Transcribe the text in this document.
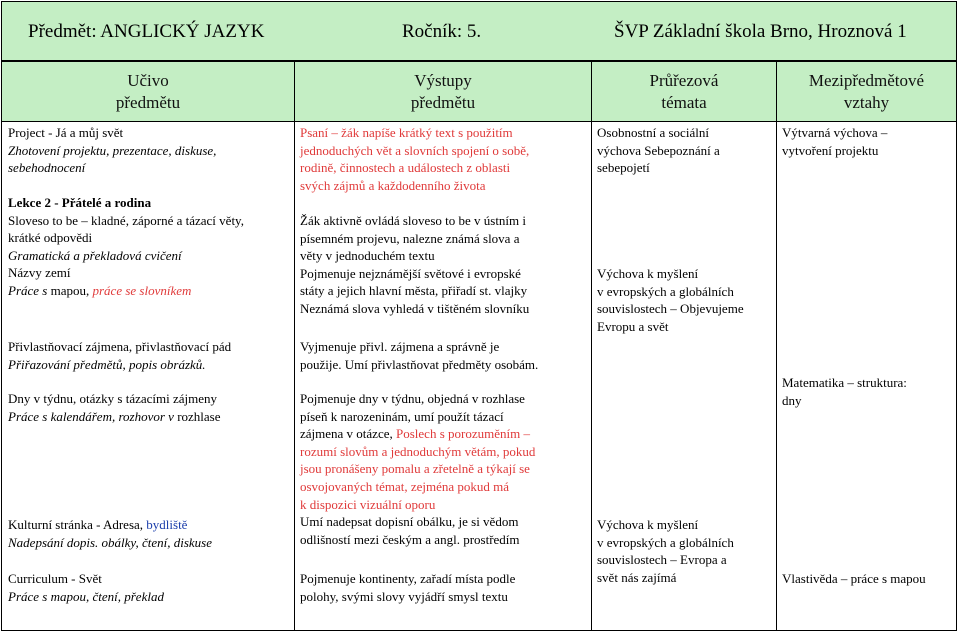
Předmět: ANGLICKÝ JAZYK	Ročník: 5.	ŠVP Základní škola Brno, Hroznová 1
Učivo
předmětu
Výstupy
předmětu
Průřezová
témata
Mezipředmětové
vztahy
Project - Já a můj svět
Zhotovení projektu, prezentace, diskuse,
sebehodnocení
Lekce 2 - Přátelé a rodina
Sloveso to be – kladné, záporné a tázací věty,
krátké odpovědi
Gramatická a překladová cvičení
Názvy zemí
Práce s mapou, práce se slovníkem
Přivlastňovací zájmena, přivlastňovací pád
Přiřazování předmětů, popis obrázků.
Dny v týdnu, otázky s tázacími zájmeny
Práce s kalendářem, rozhovor v rozhlase
Kulturní stránka - Adresa, bydliště
Nadepsání dopis. obálky, čtení, diskuse
Curriculum - Svět
Práce s mapou, čtení, překlad
Psaní – žák napíše krátký text s použitím
jednoduchých vět a slovních spojení o sobě,
rodině, činnostech a událostech z oblasti
svých zájmů a každodenního života
Žák aktivně ovládá sloveso to be v ústním i
písemném projevu, nalezne známá slova a
věty v jednoduchém textu
Pojmenuje nejznámější světové i evropské
státy a jejich hlavní města, přiřadí st. vlajky
Neznámá slova vyhledá v tištěném slovníku
Vyjmenuje přivl. zájmena a správně je
použije. Umí přivlastňovat předměty osobám.
Pojmenuje dny v týdnu, objedná v rozhlase
píseň k narozeninám, umí použít tázací
zájmena v otázce, Poslech s porozuměním –
rozumí slovům a jednoduchým větám, pokud
jsou pronášeny pomalu a zřetelně a týkají se
osvojovaných témat, zejména pokud má
k dispozici vizuální oporu
Umí nadepsat dopisní obálku, je si vědom
odlišností mezi českým a angl. prostředím
Pojmenuje kontinenty, zařadí místa podle
polohy, svými slovy vyjádří smysl textu
Osobnostní a sociální
výchova Sebepoznání a
sebepojetí
Výchova k myšlení
v evropských a globálních
souvislostech – Objevujeme
Evropu a svět
Výchova k myšlení
v evropských a globálních
souvislostech – Evropa a
svět nás zajímá
Výtvarná výchova –
vytvoření projektu
Matematika – struktura:
dny
Vlastivěda – práce s mapou
